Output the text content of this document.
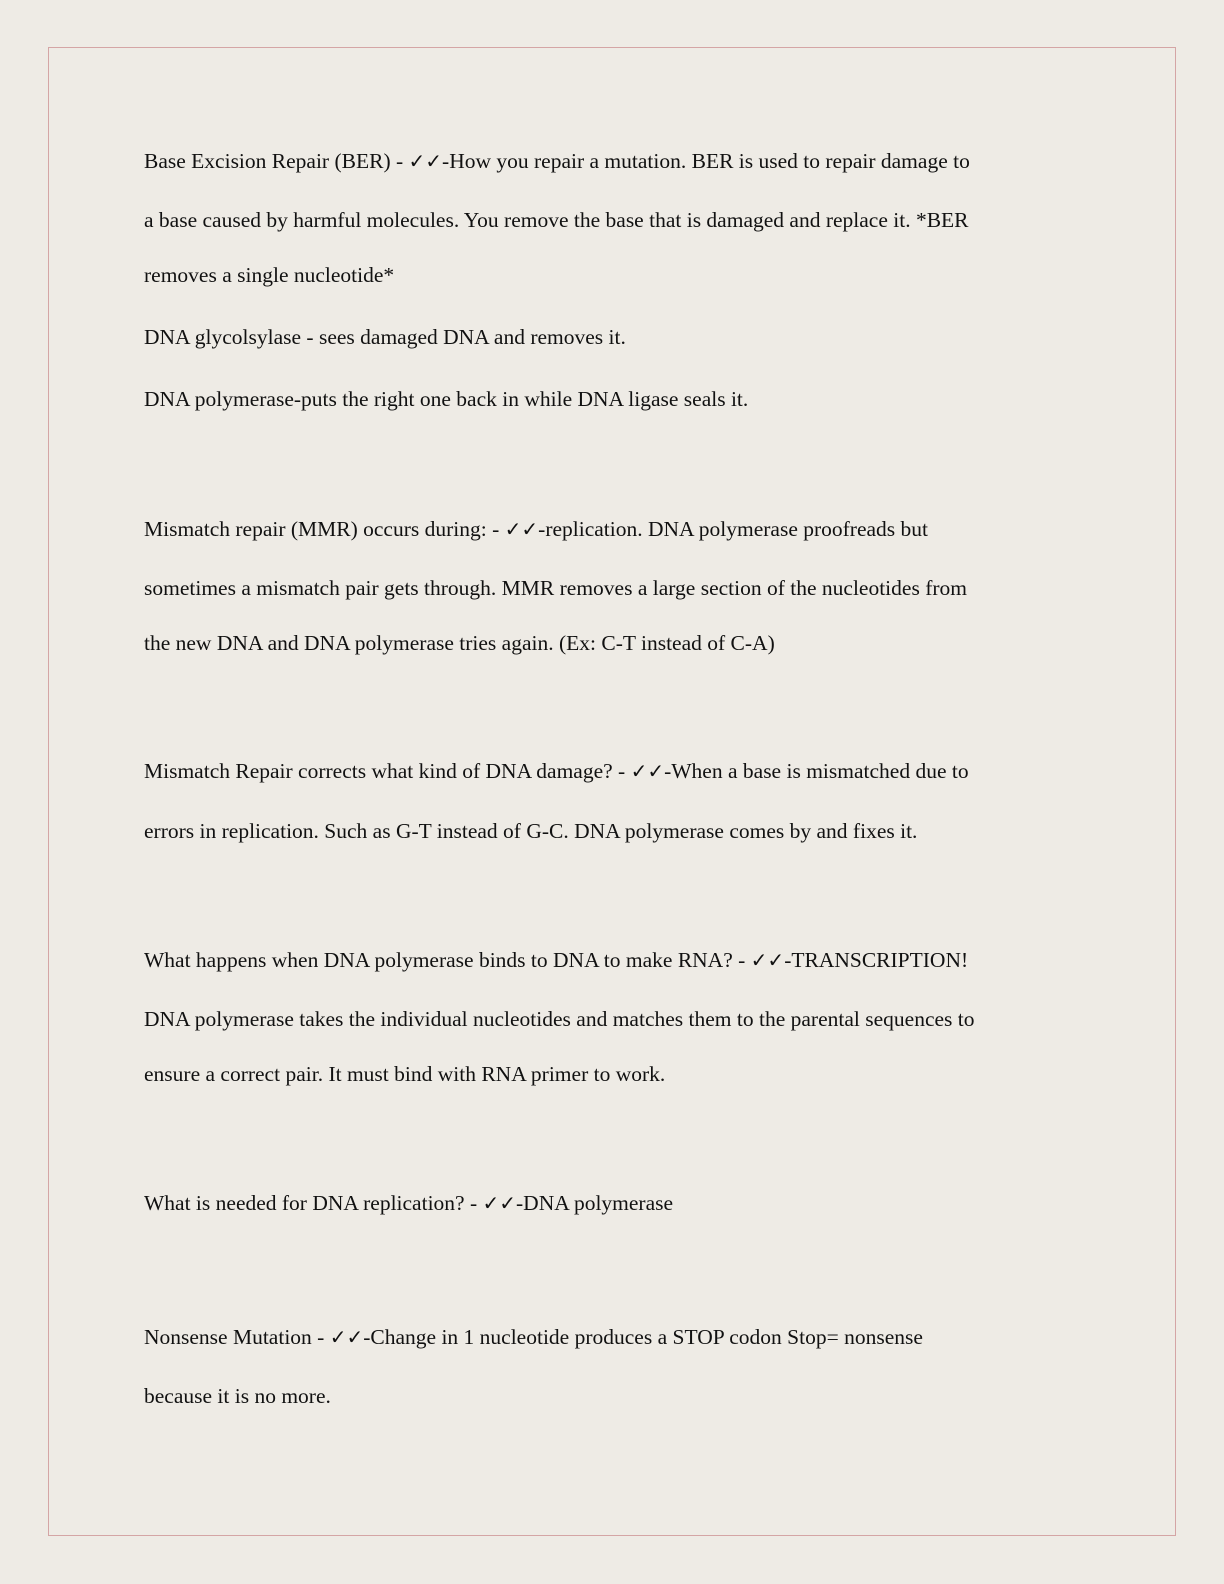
Base Excision Repair (BER) - ✓✓-How you repair a mutation. BER is used to repair damage to
a base caused by harmful molecules. You remove the base that is damaged and replace it. *BER
removes a single nucleotide*
DNA glycolsylase - sees damaged DNA and removes it.
DNA polymerase-puts the right one back in while DNA ligase seals it.
Mismatch repair (MMR) occurs during: - ✓✓-replication. DNA polymerase proofreads but
sometimes a mismatch pair gets through. MMR removes a large section of the nucleotides from
the new DNA and DNA polymerase tries again. (Ex: C-T instead of C-A)
Mismatch Repair corrects what kind of DNA damage? - ✓✓-When a base is mismatched due to
errors in replication. Such as G-T instead of G-C. DNA polymerase comes by and fixes it.
What happens when DNA polymerase binds to DNA to make RNA? - ✓✓-TRANSCRIPTION!
DNA polymerase takes the individual nucleotides and matches them to the parental sequences to
ensure a correct pair. It must bind with RNA primer to work.
What is needed for DNA replication? - ✓✓-DNA polymerase
Nonsense Mutation - ✓✓-Change in 1 nucleotide produces a STOP codon Stop= nonsense
because it is no more.
